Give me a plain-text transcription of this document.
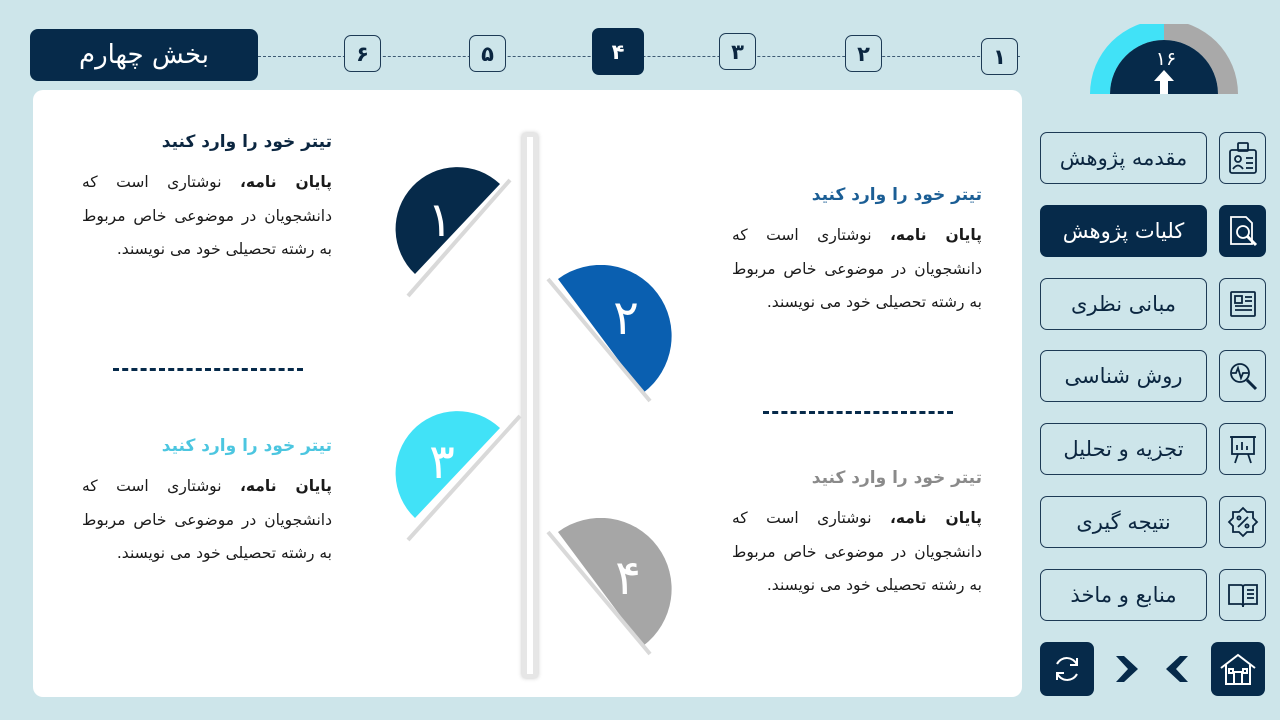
بخش چهارم	۱
۲
۳
۴
۵
۶	۱۶
۱
۲
۳
۴
تیتر خود را وارد کنید
پایان نامه، نوشتاری است که دانشجویان در موضوعی خاص مربوط به رشته تحصیلی خود می نویسند.
تیتر خود را وارد کنید
پایان نامه، نوشتاری است که دانشجویان در موضوعی خاص مربوط به رشته تحصیلی خود می نویسند.
تیتر خود را وارد کنید
پایان نامه، نوشتاری است که دانشجویان در موضوعی خاص مربوط به رشته تحصیلی خود می نویسند.
تیتر خود را وارد کنید
پایان نامه، نوشتاری است که دانشجویان در موضوعی خاص مربوط به رشته تحصیلی خود می نویسند.
مقدمه پژوهش
کلیات پژوهش
مبانی نظری
روش شناسی
تجزیه و تحلیل
نتیجه گیری
منابع و ماخذ
